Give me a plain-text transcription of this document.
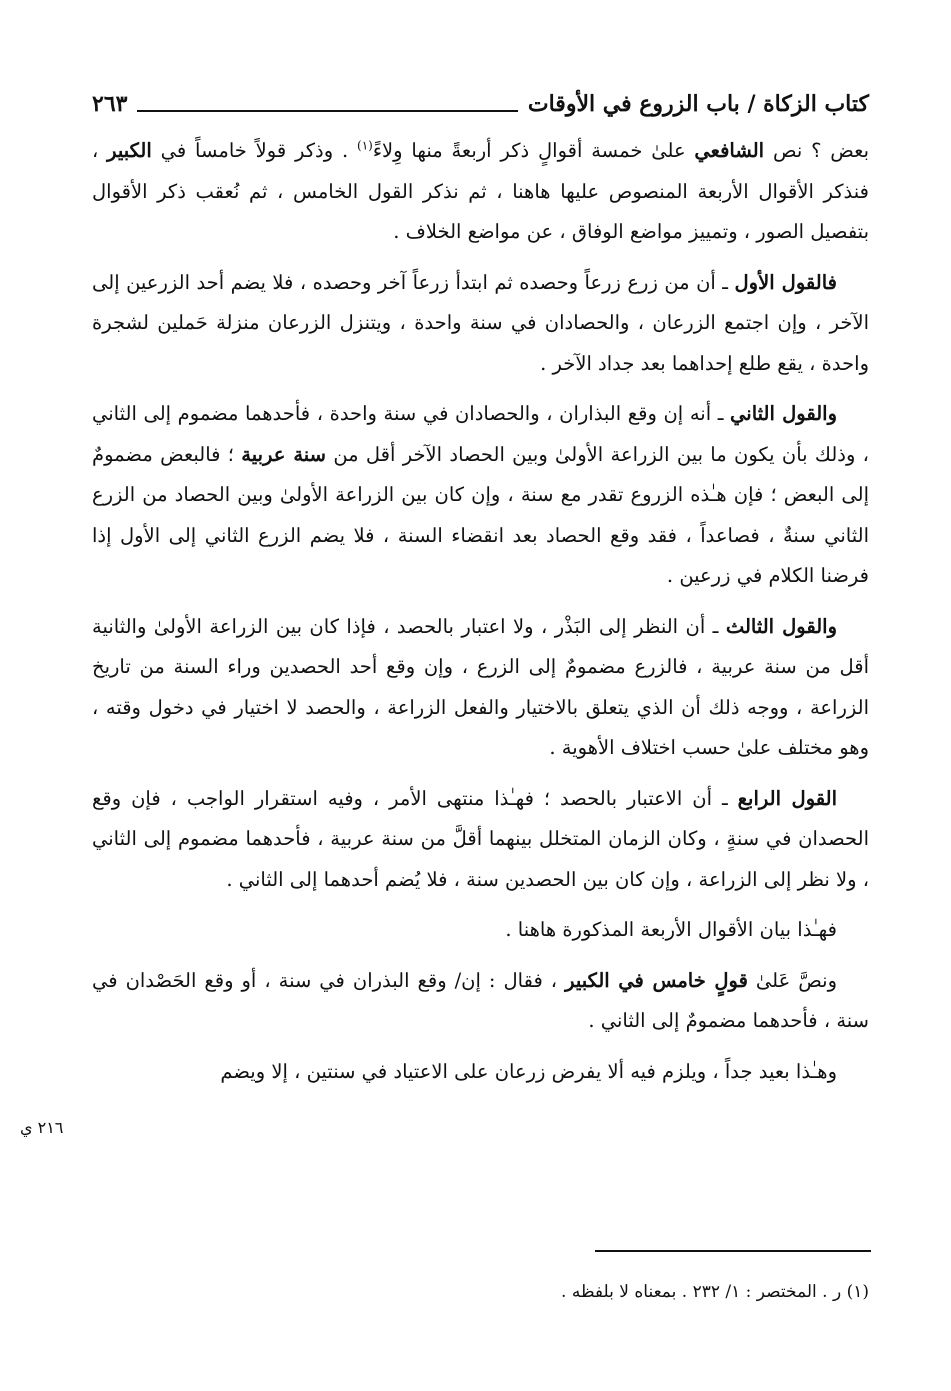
كتاب الزكاة / باب الزروع في الأوقات
٢٦٣

بعض ؟ نص الشافعي علىٰ خمسة أقوالٍ ذكر أربعةً منها وِلاءً$^{(١)}$ . وذكر قولاً خامساً في الكبير ، فنذكر الأقوال الأربعة المنصوص عليها هاهنا ، ثم نذكر القول الخامس ، ثم نُعقب ذكر الأقوال بتفصيل الصور ، وتمييز مواضع الوفاق ، عن مواضع الخلاف .

فالقول الأول ـ أن من زرع زرعاً وحصده ثم ابتدأ زرعاً آخر وحصده ، فلا يضم أحد الزرعين إلى الآخر ، وإن اجتمع الزرعان ، والحصادان في سنة واحدة ، ويتنزل الزرعان منزلة حَملين لشجرة واحدة ، يقع طلع إحداهما بعد جداد الآخر .

والقول الثاني ـ أنه إن وقع البذاران ، والحصادان في سنة واحدة ، فأحدهما مضموم إلى الثاني ، وذلك بأن يكون ما بين الزراعة الأولىٰ وبين الحصاد الآخر أقل من سنة عربية ؛ فالبعض مضمومٌ إلى البعض ؛ فإن هـٰذه الزروع تقدر مع سنة ، وإن كان بين الزراعة الأولىٰ وبين الحصاد من الزرع الثاني سنةٌ ، فصاعداً ، فقد وقع الحصاد بعد انقضاء السنة ، فلا يضم الزرع الثاني إلى الأول إذا فرضنا الكلام في زرعين .

والقول الثالث ـ أن النظر إلى البَذْر ، ولا اعتبار بالحصد ، فإذا كان بين الزراعة الأولىٰ والثانية أقل من سنة عربية ، فالزرع مضمومٌ إلى الزرع ، وإن وقع أحد الحصدين وراء السنة من تاريخ الزراعة ، ووجه ذلك أن الذي يتعلق بالاختيار والفعل الزراعة ، والحصد لا اختيار في دخول وقته ، وهو مختلف علىٰ حسب اختلاف الأهوية .

القول الرابع ـ أن الاعتبار بالحصد ؛ فهـٰذا منتهى الأمر ، وفيه استقرار الواجب ، فإن وقع الحصدان في سنةٍ ، وكان الزمان المتخلل بينهما أقلَّ من سنة عربية ، فأحدهما مضموم إلى الثاني ، ولا نظر إلى الزراعة ، وإن كان بين الحصدين سنة ، فلا يُضم أحدهما إلى الثاني .

فهـٰذا بيان الأقوال الأربعة المذكورة هاهنا .

ونصَّ عَلىٰ قولٍ خامس في الكبير ، فقال : إن/ وقع البذران في سنة ، أو وقع الحَصْدان في سنة ، فأحدهما مضمومٌ إلى الثاني .

وهـٰذا بعيد جداً ، ويلزم فيه ألا يفرض زرعان على الاعتياد في سنتين ، إلا ويضم

٢١٦ ي
(١) ر . المختصر : ١/ ٢٣٢ . بمعناه لا بلفظه .
